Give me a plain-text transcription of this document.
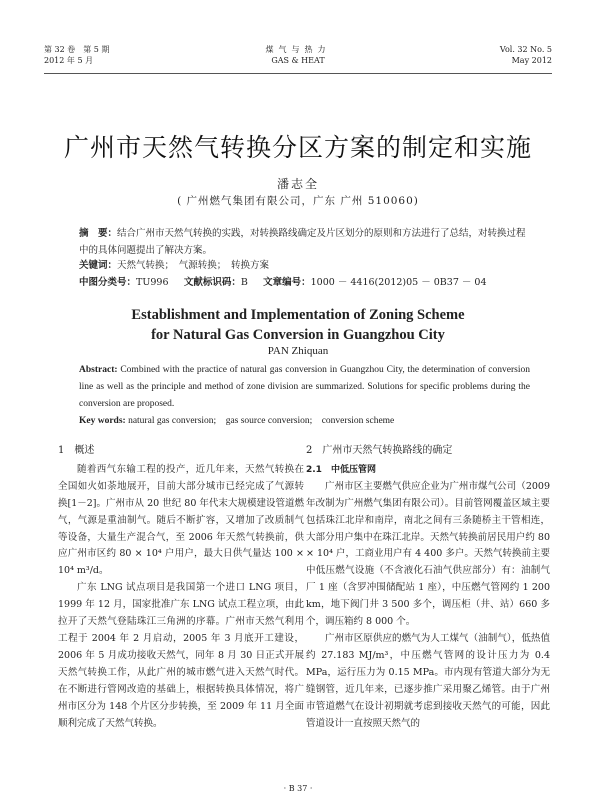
第 32 卷　第 5 期
2012 年 5 月
煤气与热力
GAS & HEAT
Vol. 32 No. 5
May 2012
广州市天然气转换分区方案的制定和实施
潘志全
( 广州燃气集团有限公司，广东 广州 510060)
摘　要：结合广州市天然气转换的实践，对转换路线确定及片区划分的原则和方法进行了总结，对转换过程中的具体问题提出了解决方案。
关键词：天然气转换；　气源转换；　转换方案
中图分类号：TU996 文献标识码：B 文章编号：1000 － 4416(2012)05 － 0B37 － 04
Establishment and Implementation of Zoning Scheme
for Natural Gas Conversion in Guangzhou City
PAN Zhiquan
Abstract: Combined with the practice of natural gas conversion in Guangzhou City, the determination of conversion line as well as the principle and method of zone division are summarized. Solutions for specific problems during the conversion are proposed.
Key words: natural gas conversion;　gas source conversion;　conversion scheme
1　概述

随着西气东输工程的投产，近几年来，天然气转换在全国如火如荼地展开，目前大部分城市已经完成了气源转换[1－2]。广州市从 20 世纪 80 年代末大规模建设管道燃气，气源是重油制气。随后不断扩容，又增加了改质制气等设备，大量生产混合气，至 2006 年天然气转换前，供应广州市区约 80 × 10⁴ 户用户，最大日供气量达 100 × 10⁴ m³/d。

广东 LNG 试点项目是我国第一个进口 LNG 项目，1999 年 12 月，国家批准广东 LNG 试点工程立项，由此拉开了天然气登陆珠江三角洲的序幕。广州市天然气利用工程于 2004 年 2 月启动，2005 年 3 月底开工建设，2006 年 5 月成功接收天然气，同年 8 月 30 日正式开展天然气转换工作，从此广州的城市燃气进入天然气时代。在不断进行管网改造的基础上，根据转换具体情况，将广州市区分为 148 个片区分步转换，至 2009 年 11 月全面顺利完成了天然气转换。

2　广州市天然气转换路线的确定
2.1　中低压管网

广州市区主要燃气供应企业为广州市煤气公司（2009 年改制为广州燃气集团有限公司）。目前管网覆盖区域主要包括珠江北岸和南岸，南北之间有三条随桥主干管相连，大部分用户集中在珠江北岸。天然气转换前居民用户约 80 × 10⁴ 户，工商业用户有 4 400 多户。天然气转换前主要中低压燃气设施（不含液化石油气供应部分）有：油制气厂 1 座（含罗冲围储配站 1 座），中压燃气管网约 1 200 km，地下阀门井 3 500 多个，调压柜（井、站）660 多个，调压箱约 8 000 个。

广州市区原供应的燃气为人工煤气（油制气），低热值约 27.183 MJ/m³，中压燃气管网的设计压力为 0.4 MPa，运行压力为 0.15 MPa。市内现有管道大部分为无缝钢管，近几年来，已逐步推广采用聚乙烯管。由于广州市管道燃气在设计初期就考虑到接收天然气的可能，因此管道设计一直按照天然气的

· B 37 ·
